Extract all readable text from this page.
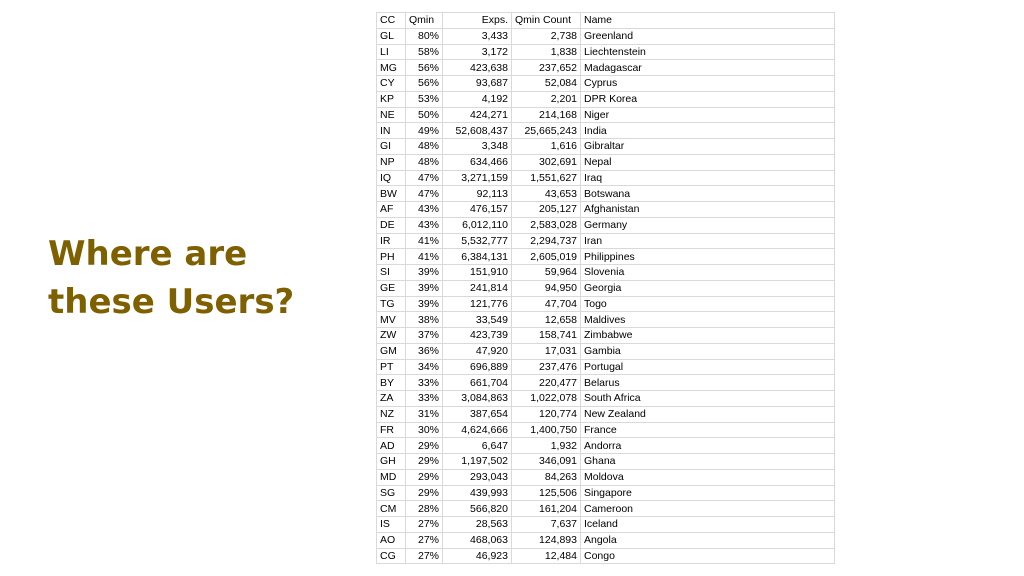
Where are
these Users?
CC	Qmin	Exps.	Qmin Count	Name
GL	80%	3,433	2,738	Greenland
LI	58%	3,172	1,838	Liechtenstein
MG	56%	423,638	237,652	Madagascar
CY	56%	93,687	52,084	Cyprus
KP	53%	4,192	2,201	DPR Korea
NE	50%	424,271	214,168	Niger
IN	49%	52,608,437	25,665,243	India
GI	48%	3,348	1,616	Gibraltar
NP	48%	634,466	302,691	Nepal
IQ	47%	3,271,159	1,551,627	Iraq
BW	47%	92,113	43,653	Botswana
AF	43%	476,157	205,127	Afghanistan
DE	43%	6,012,110	2,583,028	Germany
IR	41%	5,532,777	2,294,737	Iran
PH	41%	6,384,131	2,605,019	Philippines
SI	39%	151,910	59,964	Slovenia
GE	39%	241,814	94,950	Georgia
TG	39%	121,776	47,704	Togo
MV	38%	33,549	12,658	Maldives
ZW	37%	423,739	158,741	Zimbabwe
GM	36%	47,920	17,031	Gambia
PT	34%	696,889	237,476	Portugal
BY	33%	661,704	220,477	Belarus
ZA	33%	3,084,863	1,022,078	South Africa
NZ	31%	387,654	120,774	New Zealand
FR	30%	4,624,666	1,400,750	France
AD	29%	6,647	1,932	Andorra
GH	29%	1,197,502	346,091	Ghana
MD	29%	293,043	84,263	Moldova
SG	29%	439,993	125,506	Singapore
CM	28%	566,820	161,204	Cameroon
IS	27%	28,563	7,637	Iceland
AO	27%	468,063	124,893	Angola
CG	27%	46,923	12,484	Congo
